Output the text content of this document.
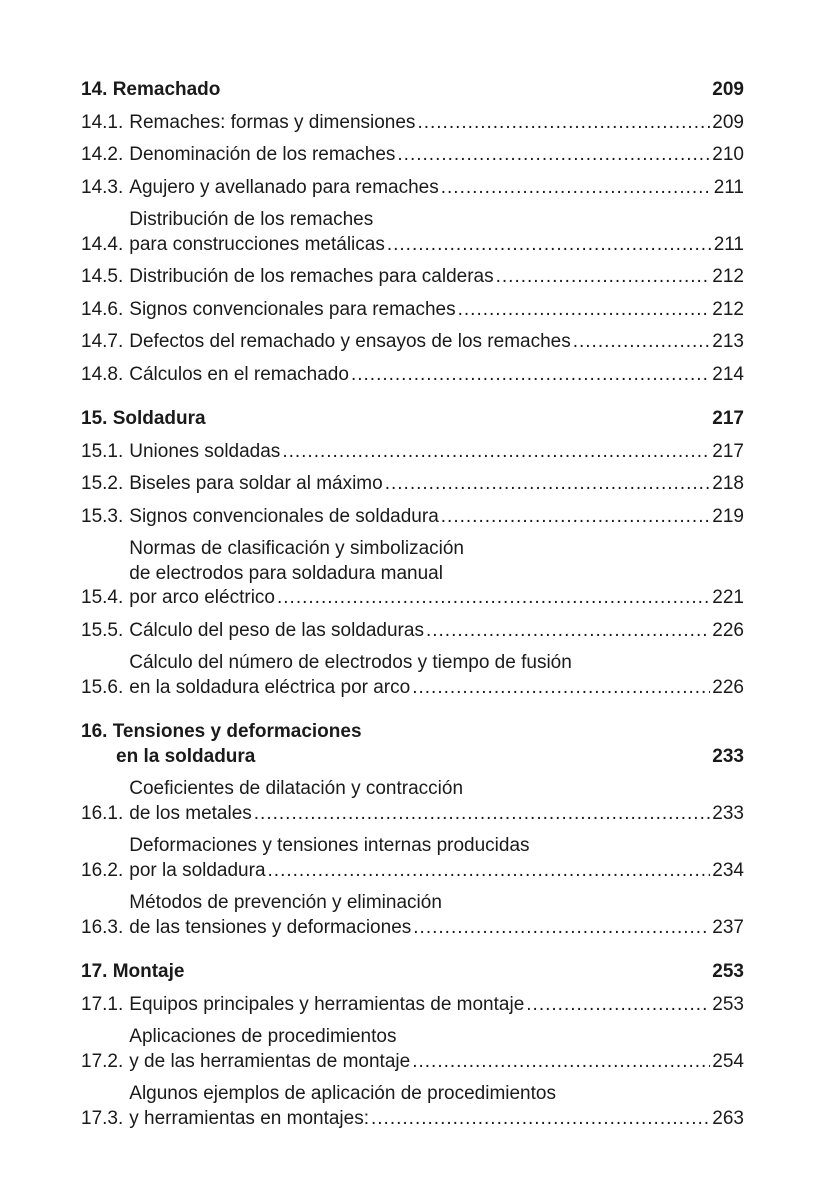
14. Remachado	209
14.1. Remaches: formas y dimensiones .....	209
14.2. Denominación de los remaches .....	210
14.3. Agujero y avellanado para remaches .....	211
14.4.
Distribución de los remaches
para construcciones metálicas .....	211
14.5. Distribución de los remaches para calderas .....	212
14.6. Signos convencionales para remaches .....	212
14.7. Defectos del remachado y ensayos de los remaches .....	213
14.8. Cálculos en el remachado .....	214
15. Soldadura	217
15.1. Uniones soldadas .....	217
15.2. Biseles para soldar al máximo .....	218
15.3. Signos convencionales de soldadura .....	219
15.4.
Normas de clasificación y simbolización
de electrodos para soldadura manual
por arco eléctrico .....	221
15.5. Cálculo del peso de las soldaduras .....	226
15.6.
Cálculo del número de electrodos y tiempo de fusión
en la soldadura eléctrica por arco .....	226
16. Tensiones y deformaciones
en la soldadura	233
16.1.
Coeficientes de dilatación y contracción
de los metales .....	233
16.2.
Deformaciones y tensiones internas producidas
por la soldadura .....	234
16.3.
Métodos de prevención y eliminación
de las tensiones y deformaciones .....	237
17. Montaje	253
17.1. Equipos principales y herramientas de montaje .....	253
17.2.
Aplicaciones de procedimientos
y de las herramientas de montaje .....	254
17.3.
Algunos ejemplos de aplicación de procedimientos
y herramientas en montajes: .....	263
